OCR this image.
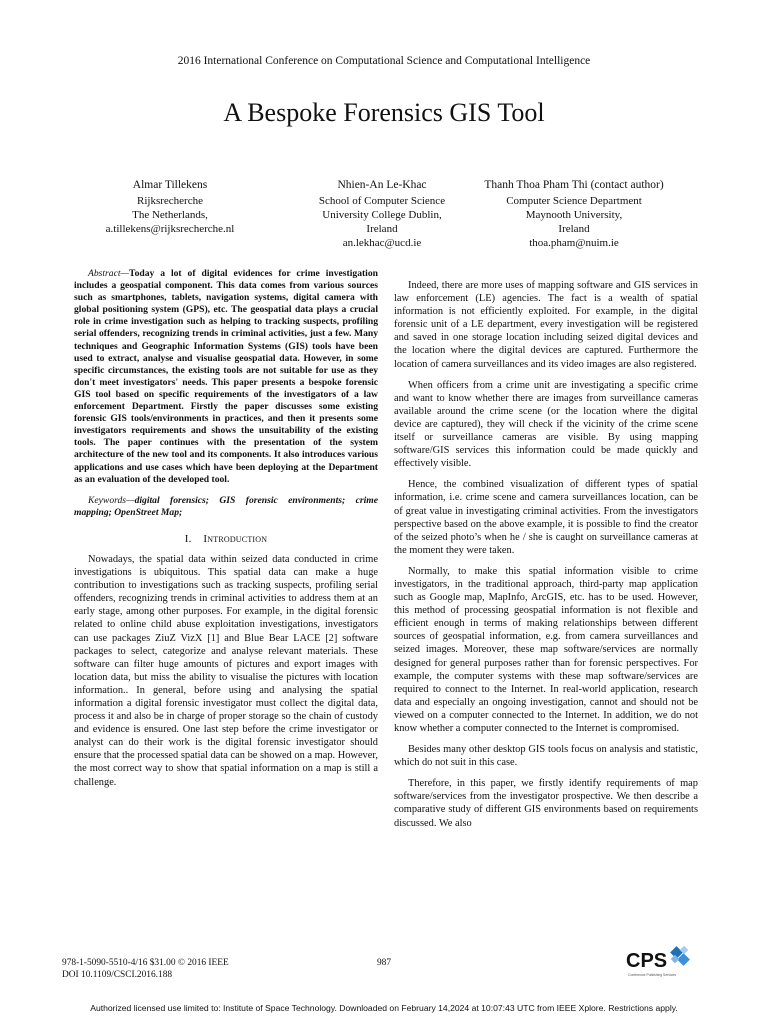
2016 International Conference on Computational Science and Computational Intelligence
A Bespoke Forensics GIS Tool
Almar Tillekens
Rijksrecherche
The Netherlands,
a.tillekens@rijksrecherche.nl
Nhien-An Le-Khac
School of Computer Science
University College Dublin,
Ireland
an.lekhac@ucd.ie
Thanh Thoa Pham Thi (contact author)
Computer Science Department
Maynooth University,
Ireland
thoa.pham@nuim.ie
Abstract—Today a lot of digital evidences for crime investigation includes a geospatial component. This data comes from various sources such as smartphones, tablets, navigation systems, digital camera with global positioning system (GPS), etc. The geospatial data plays a crucial role in crime investigation such as helping to tracking suspects, profiling serial offenders, recognizing trends in criminal activities, just a few. Many techniques and Geographic Information Systems (GIS) tools have been used to extract, analyse and visualise geospatial data. However, in some specific circumstances, the existing tools are not suitable for use as they don't meet investigators' needs. This paper presents a bespoke forensic GIS tool based on specific requirements of the investigators of a law enforcement Department. Firstly the paper discusses some existing forensic GIS tools/environments in practices, and then it presents some investigators requirements and shows the unsuitability of the existing tools. The paper continues with the presentation of the system architecture of the new tool and its components. It also introduces various applications and use cases which have been deploying at the Department as an evaluation of the developed tool.
Keywords—digital forensics; GIS forensic environments; crime mapping; OpenStreet Map;
I. Introduction

Nowadays, the spatial data within seized data conducted in crime investigations is ubiquitous. This spatial data can make a huge contribution to investigations such as tracking suspects, profiling serial offenders, recognizing trends in criminal activities to address them at an early stage, among other purposes. For example, in the digital forensic related to online child abuse exploitation investigations, investigators can use packages ZiuZ VizX [1] and Blue Bear LACE [2] software packages to select, categorize and analyse relevant materials. These software can filter huge amounts of pictures and export images with location data, but miss the ability to visualise the pictures with location information.. In general, before using and analysing the spatial information a digital forensic investigator must collect the digital data, process it and also be in charge of proper storage so the chain of custody and evidence is ensured. One last step before the crime investigator or analyst can do their work is the digital forensic investigator should ensure that the processed spatial data can be showed on a map. However, the most correct way to show that spatial information on a map is still a challenge.

Indeed, there are more uses of mapping software and GIS services in law enforcement (LE) agencies. The fact is a wealth of spatial information is not efficiently exploited. For example, in the digital forensic unit of a LE department, every investigation will be registered and saved in one storage location including seized digital devices and the location where the digital devices are captured. Furthermore the location of camera surveillances and its video images are also registered.

When officers from a crime unit are investigating a specific crime and want to know whether there are images from surveillance cameras available around the crime scene (or the location where the digital device are captured), they will check if the vicinity of the crime scene itself or surveillance cameras are visible. By using mapping software/GIS services this information could be made quickly and effectively visible.

Hence, the combined visualization of different types of spatial information, i.e. crime scene and camera surveillances location, can be of great value in investigating criminal activities. From the investigators perspective based on the above example, it is possible to find the creator of the seized photo’s when he / she is caught on surveillance cameras at the moment they were taken.

Normally, to make this spatial information visible to crime investigators, in the traditional approach, third-party map application such as Google map, MapInfo, ArcGIS, etc. has to be used. However, this method of processing geospatial information is not flexible and efficient enough in terms of making relationships between different sources of geospatial information, e.g. from camera surveillances and seized images. Moreover, these map software/services are normally designed for general purposes rather than for forensic perspectives. For example, the computer systems with these map software/services are required to connect to the Internet. In real-world application, research data and especially an ongoing investigation, cannot and should not be viewed on a computer connected to the Internet. In addition, we do not know whether a computer connected to the Internet is compromised.

Besides many other desktop GIS tools focus on analysis and statistic, which do not suit in this case.

Therefore, in this paper, we firstly identify requirements of map software/services from the investigator prospective. We then describe a comparative study of different GIS environments based on requirements discussed. We also

978-1-5090-5510-4/16 $31.00 © 2016 IEEE
DOI 10.1109/CSCI.2016.188
987	CPS
Conference Publishing Services
Authorized licensed use limited to: Institute of Space Technology. Downloaded on February 14,2024 at 10:07:43 UTC from IEEE Xplore. Restrictions apply.
